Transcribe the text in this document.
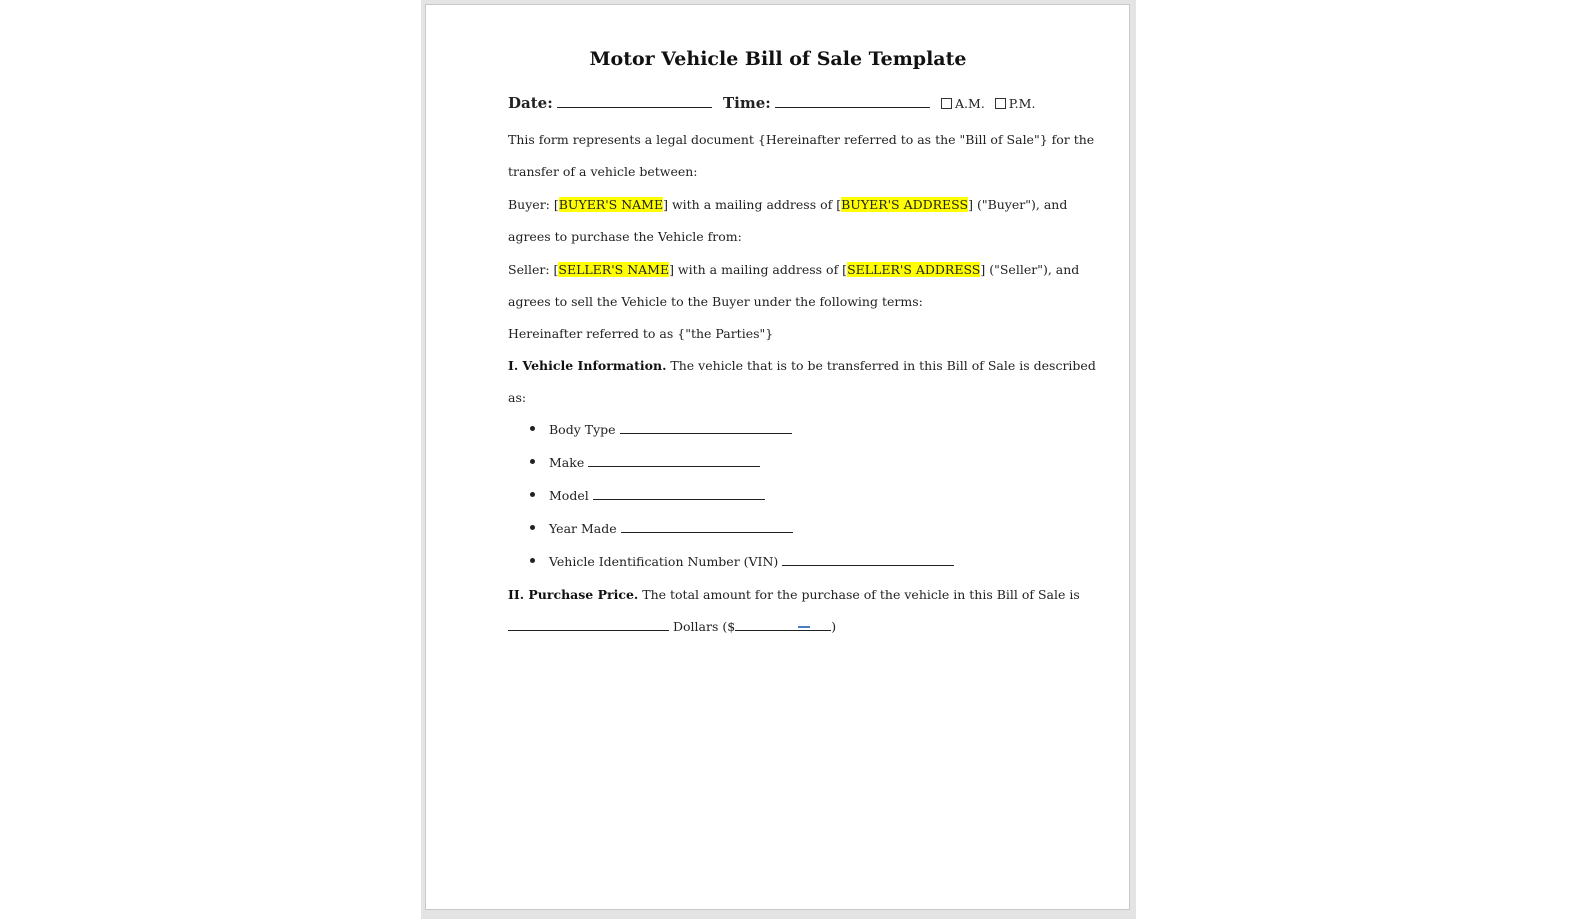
Motor Vehicle Bill of Sale Template
Date:	Time:	A.M. P.M.
This form represents a legal document {Hereinafter referred to as the "Bill of Sale"} for the
transfer of a vehicle between:
Buyer: [BUYER'S NAME] with a mailing address of [BUYER'S ADDRESS] ("Buyer"), and
agrees to purchase the Vehicle from:
Seller: [SELLER'S NAME] with a mailing address of [SELLER'S ADDRESS] ("Seller"), and
agrees to sell the Vehicle to the Buyer under the following terms:
Hereinafter referred to as {"the Parties"}
I. Vehicle Information. The vehicle that is to be transferred in this Bill of Sale is described
as:
Body Type
Make
Model
Year Made
Vehicle Identification Number (VIN)
II. Purchase Price. The total amount for the purchase of the vehicle in this Bill of Sale is
Dollars ($	)
